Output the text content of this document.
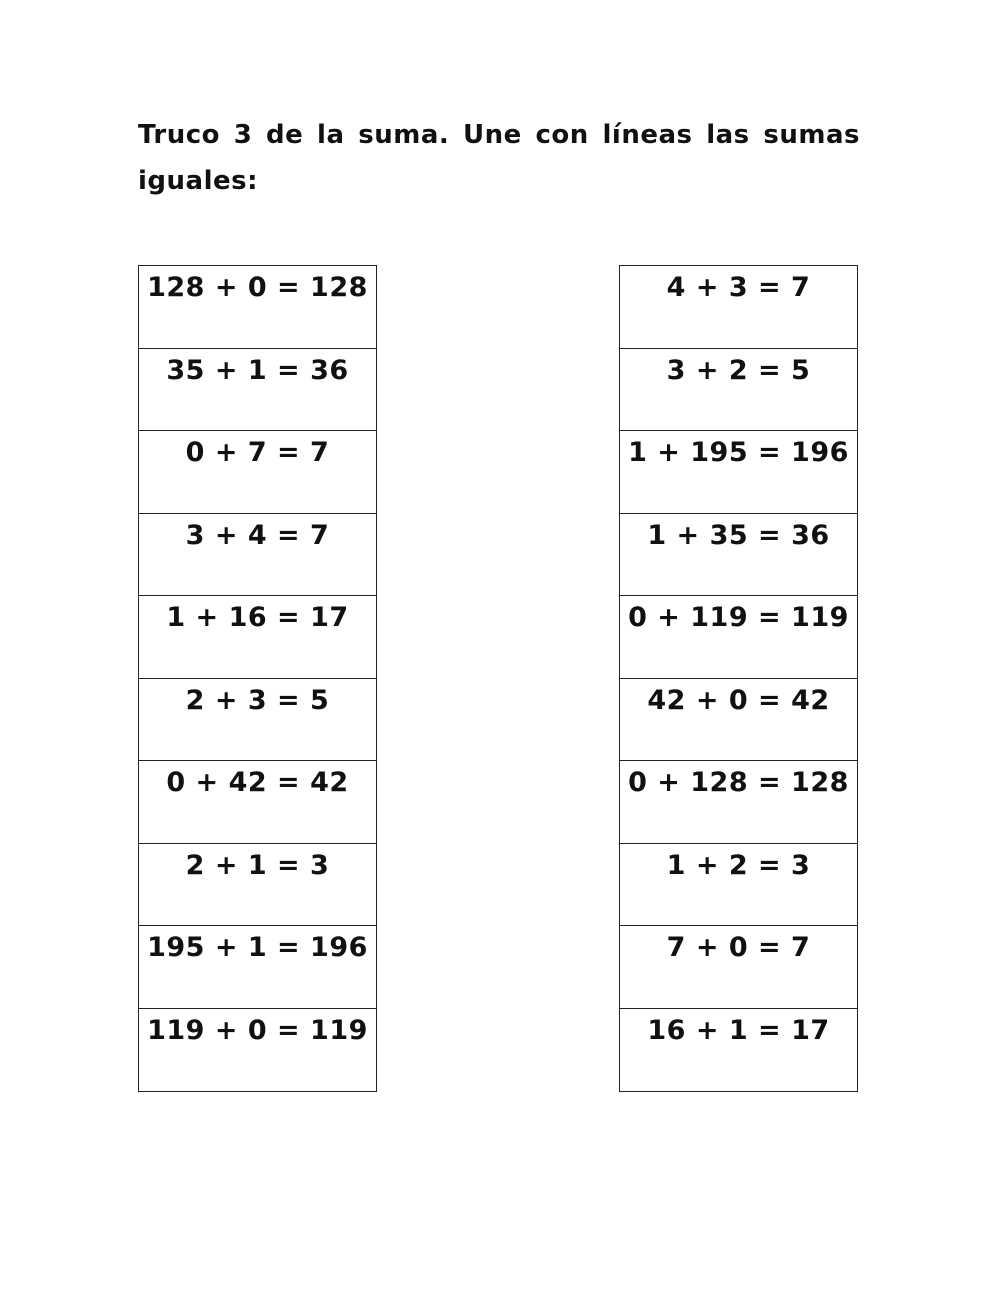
Truco 3 de la suma. Une con líneas las sumas iguales:

128 + 0 = 128
35 + 1 = 36
0 + 7 = 7
3 + 4 = 7
1 + 16 = 17
2 + 3 = 5
0 + 42 = 42
2 + 1 = 3
195 + 1 = 196
119 + 0 = 119
4 + 3 = 7
3 + 2 = 5
1 + 195 = 196
1 + 35 = 36
0 + 119 = 119
42 + 0 = 42
0 + 128 = 128
1 + 2 = 3
7 + 0 = 7
16 + 1 = 17
